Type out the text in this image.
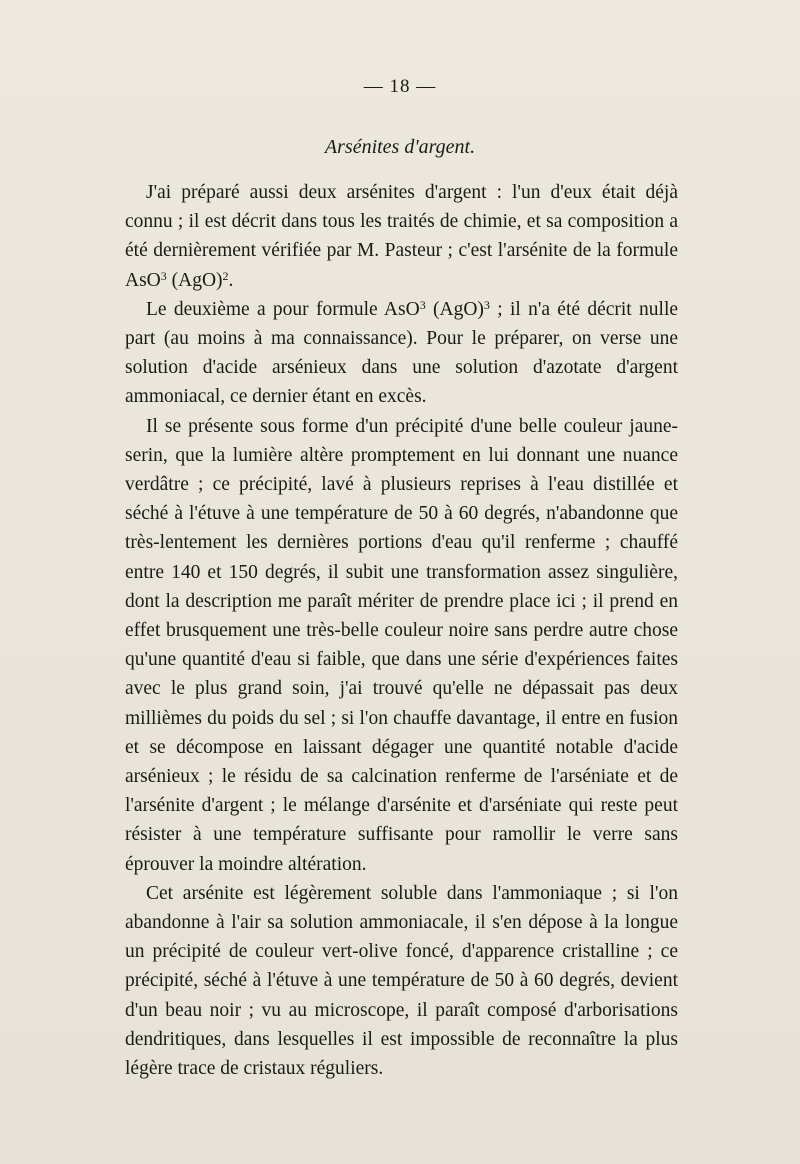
— 18 —
Arsénites d'argent.

J'ai préparé aussi deux arsénites d'argent : l'un d'eux était déjà connu ; il est décrit dans tous les traités de chimie, et sa composition a été dernièrement vérifiée par M. Pasteur ; c'est l'arsénite de la formule AsO$^3$ (AgO)$^2$.

Le deuxième a pour formule AsO$^3$ (AgO)$^3$ ; il n'a été décrit nulle part (au moins à ma connaissance). Pour le préparer, on verse une solution d'acide arsénieux dans une solution d'azotate d'argent ammoniacal, ce dernier étant en excès.

Il se présente sous forme d'un précipité d'une belle couleur jaune-serin, que la lumière altère promptement en lui donnant une nuance verdâtre ; ce précipité, lavé à plusieurs reprises à l'eau distillée et séché à l'étuve à une température de 50 à 60 degrés, n'abandonne que très-lentement les dernières portions d'eau qu'il renferme ; chauffé entre 140 et 150 degrés, il subit une transformation assez singulière, dont la description me paraît mériter de prendre place ici ; il prend en effet brusquement une très-belle couleur noire sans perdre autre chose qu'une quantité d'eau si faible, que dans une série d'expériences faites avec le plus grand soin, j'ai trouvé qu'elle ne dépassait pas deux millièmes du poids du sel ; si l'on chauffe davantage, il entre en fusion et se décompose en laissant dégager une quantité notable d'acide arsénieux ; le résidu de sa calcination renferme de l'arséniate et de l'arsénite d'argent ; le mélange d'arsénite et d'arséniate qui reste peut résister à une température suffisante pour ramollir le verre sans éprouver la moindre altération.

Cet arsénite est légèrement soluble dans l'ammoniaque ; si l'on abandonne à l'air sa solution ammoniacale, il s'en dépose à la longue un précipité de couleur vert-olive foncé, d'apparence cristalline ; ce précipité, séché à l'étuve à une température de 50 à 60 degrés, devient d'un beau noir ; vu au microscope, il paraît composé d'arborisations dendritiques, dans lesquelles il est impossible de reconnaître la plus légère trace de cristaux réguliers.
